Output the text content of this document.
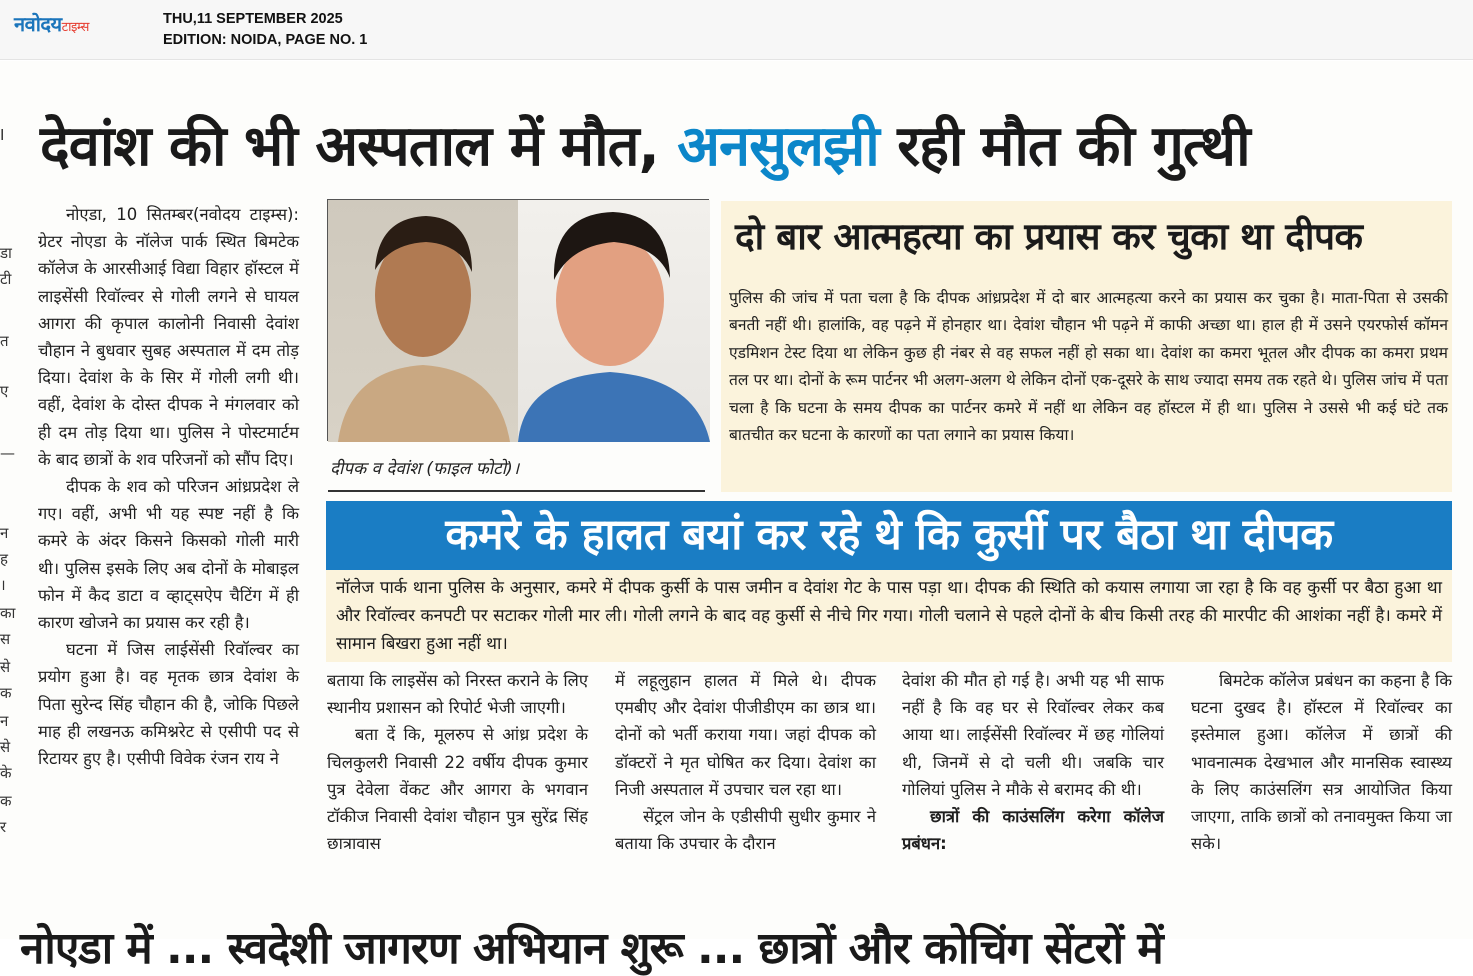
नवोदयटाइम्स
THU,11 SEPTEMBER 2025
EDITION: NOIDA, PAGE NO. 1
I
डा
टी
त
ए
—
न
ह
।
का
स
से
क
न
से
के
क
र
देवांश की भी अस्पताल में मौत, अनसुलझी रही मौत की गुत्थी

नोएडा, 10 सितम्बर(नवोदय टाइम्स): ग्रेटर नोएडा के नॉलेज पार्क स्थित बिमटेक कॉलेज के आरसीआई विद्या विहार हॉस्टल में लाइसेंसी रिवॉल्वर से गोली लगने से घायल आगरा की कृपाल कालोनी निवासी देवांश चौहान ने बुधवार सुबह अस्पताल में दम तोड़ दिया। देवांश के के सिर में गोली लगी थी। वहीं, देवांश के दोस्त दीपक ने मंगलवार को ही दम तोड़ दिया था। पुलिस ने पोस्टमार्टम के बाद छात्रों के शव परिजनों को सौंप दिए।

दीपक के शव को परिजन आंध्रप्रदेश ले गए। वहीं, अभी भी यह स्पष्ट नहीं है कि कमरे के अंदर किसने किसको गोली मारी थी। पुलिस इसके लिए अब दोनों के मोबाइल फोन में कैद डाटा व व्हाट्सऐप चैटिंग में ही कारण खोजने का प्रयास कर रही है।

घटना में जिस लाईसेंसी रिवॉल्वर का प्रयोग हुआ है। वह मृतक छात्र देवांश के पिता सुरेन्द सिंह चौहान की है, जोकि पिछले माह ही लखनऊ कमिश्नरेट से एसीपी पद से रिटायर हुए है। एसीपी विवेक रंजन राय ने

दीपक व देवांश (फाइल फोटो)।
दो बार आत्महत्या का प्रयास कर चुका था दीपक
पुलिस की जांच में पता चला है कि दीपक आंध्रप्रदेश में दो बार आत्महत्या करने का प्रयास कर चुका है। माता-पिता से उसकी बनती नहीं थी। हालांकि, वह पढ़ने में होनहार था। देवांश चौहान भी पढ़ने में काफी अच्छा था। हाल ही में उसने एयरफोर्स कॉमन एडमिशन टेस्ट दिया था लेकिन कुछ ही नंबर से वह सफल नहीं हो सका था। देवांश का कमरा भूतल और दीपक का कमरा प्रथम तल पर था। दोनों के रूम पार्टनर भी अलग-अलग थे लेकिन दोनों एक-दूसरे के साथ ज्यादा समय तक रहते थे। पुलिस जांच में पता चला है कि घटना के समय दीपक का पार्टनर कमरे में नहीं था लेकिन वह हॉस्टल में ही था। पुलिस ने उससे भी कई घंटे तक बातचीत कर घटना के कारणों का पता लगाने का प्रयास किया।
कमरे के हालत बयां कर रहे थे कि कुर्सी पर बैठा था दीपक
नॉलेज पार्क थाना पुलिस के अनुसार, कमरे में दीपक कुर्सी के पास जमीन व देवांश गेट के पास पड़ा था। दीपक की स्थिति को कयास लगाया जा रहा है कि वह कुर्सी पर बैठा हुआ था और रिवॉल्वर कनपटी पर सटाकर गोली मार ली। गोली लगने के बाद वह कुर्सी से नीचे गिर गया। गोली चलाने से पहले दोनों के बीच किसी तरह की मारपीट की आशंका नहीं है। कमरे में सामान बिखरा हुआ नहीं था।

बताया कि लाइसेंस को निरस्त कराने के लिए स्थानीय प्रशासन को रिपोर्ट भेजी जाएगी।

बता दें कि, मूलरुप से आंध्र प्रदेश के चिलकुलरी निवासी 22 वर्षीय दीपक कुमार पुत्र देवेला वेंकट और आगरा के भगवान टॉकीज निवासी देवांश चौहान पुत्र सुरेंद्र सिंह छात्रावास

में लहूलुहान हालत में मिले थे। दीपक एमबीए और देवांश पीजीडीएम का छात्र था। दोनों को भर्ती कराया गया। जहां दीपक को डॉक्टरों ने मृत घोषित कर दिया। देवांश का निजी अस्पताल में उपचार चल रहा था।

सेंट्रल जोन के एडीसीपी सुधीर कुमार ने बताया कि उपचार के दौरान

देवांश की मौत हो गई है। अभी यह भी साफ नहीं है कि वह घर से रिवॉल्वर लेकर कब आया था। लाईसेंसी रिवॉल्वर में छह गोलियां थी, जिनमें से दो चली थी। जबकि चार गोलियां पुलिस ने मौके से बरामद की थी।

छात्रों की काउंसलिंग करेगा कॉलेज प्रबंधन:

बिमटेक कॉलेज प्रबंधन का कहना है कि घटना दुखद है। हॉस्टल में रिवॉल्वर का इस्तेमाल हुआ। कॉलेज में छात्रों की भावनात्मक देखभाल और मानसिक स्वास्थ्य के लिए काउंसलिंग सत्र आयोजित किया जाएगा, ताकि छात्रों को तनावमुक्त किया जा सके।

नोएडा में ... स्वदेशी जागरण अभियान शुरू ... छात्रों और कोचिंग सेंटरों में
